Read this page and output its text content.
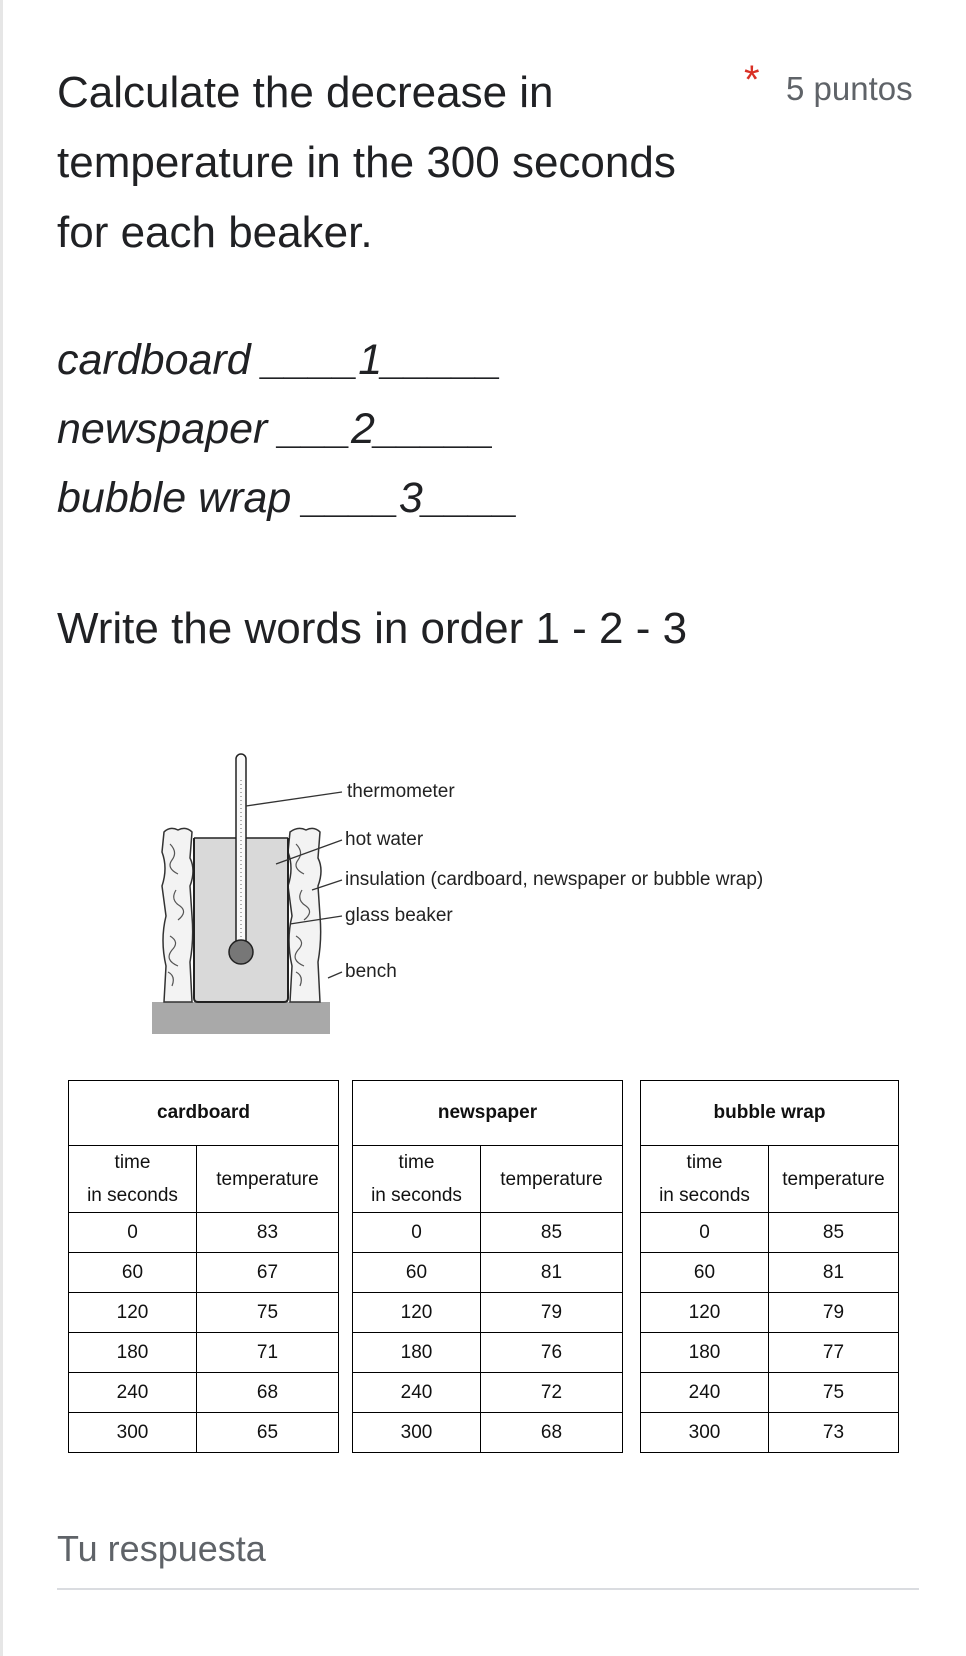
Calculate the decrease in temperature in the 300 seconds for each beaker.
* 5 puntos
cardboard ____1_____
newspaper ___2_____
bubble wrap ____3____

Write the words in order 1 - 2 - 3

thermometer
hot water
insulation (cardboard, newspaper or bubble wrap)
glass beaker
bench
cardboard	
time
in seconds	temperature
0	83
60	67
120	75
180	71
240	68
300	65
newspaper	
time
in seconds	temperature
0	85
60	81
120	79
180	76
240	72
300	68
bubble wrap	
time
in seconds	temperature
0	85
60	81
120	79
180	77
240	75
300	73
Tu respuesta
